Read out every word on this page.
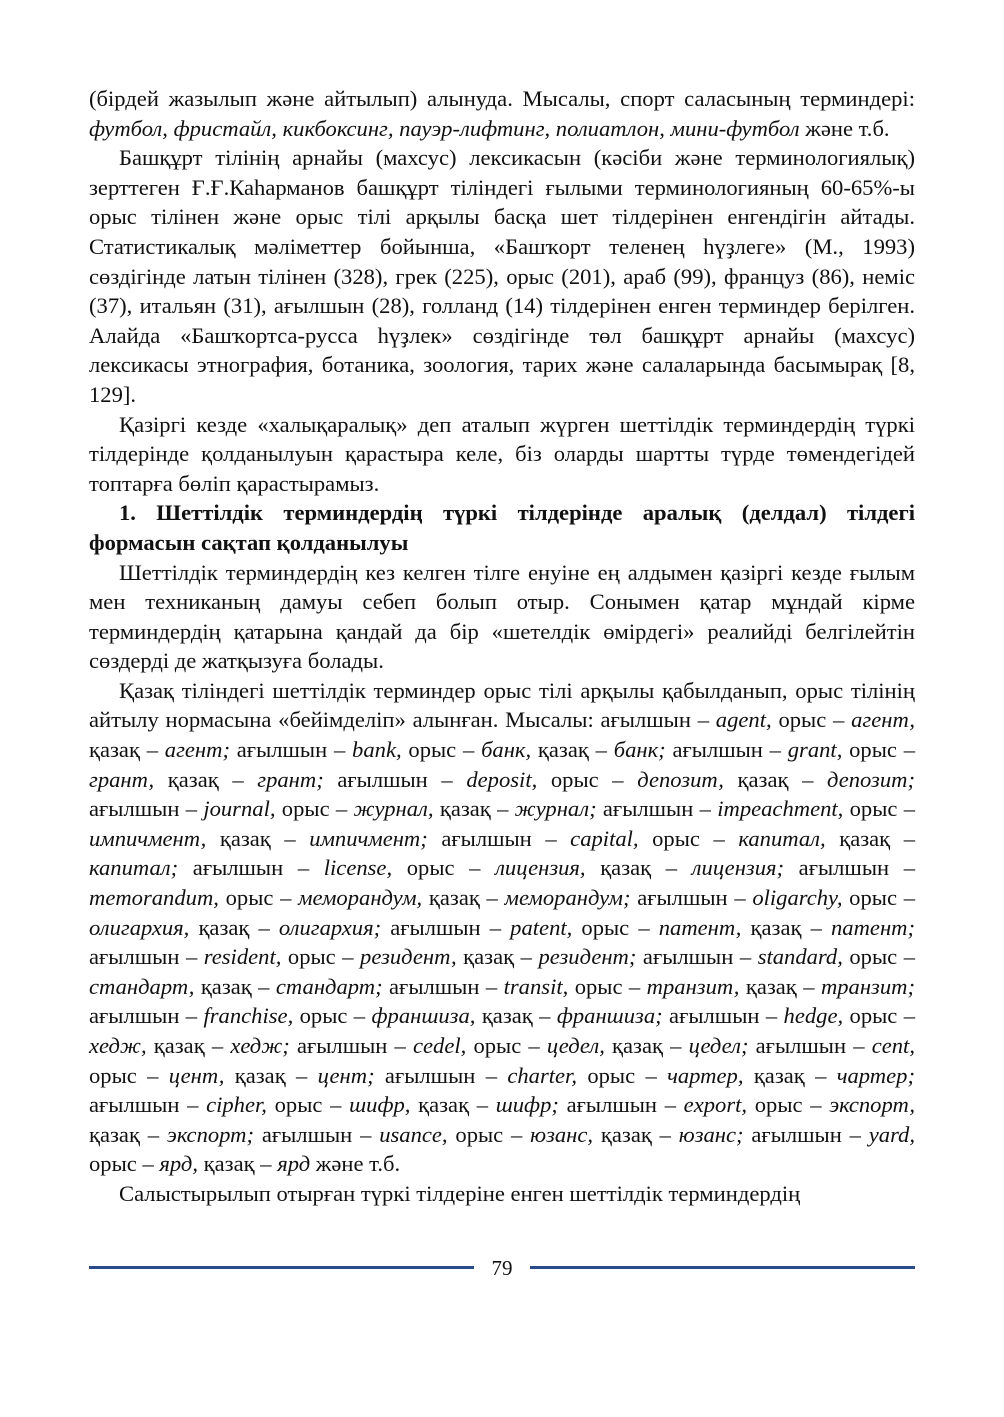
(бірдей жазылып және айтылып) алынуда. Мысалы, спорт саласының терминдері: футбол, фристайл, кикбоксинг, пауэр-лифтинг, полиатлон, мини-футбол және т.б.

Башқұрт тілінің арнайы (махсус) лексикасын (кәсіби және терминологиялық) зерттеген Ғ.Ғ.Каһарманов башқұрт тіліндегі ғылыми терминологияның 60-65%-ы орыс тілінен және орыс тілі арқылы басқа шет тілдерінен енгендігін айтады. Статистикалық мәліметтер бойынша, «Башҡорт теленең һүҙлеге» (М., 1993) сөздігінде латын тілінен (328), грек (225), орыс (201), араб (99), француз (86), неміс (37), итальян (31), ағылшын (28), голланд (14) тілдерінен енген терминдер берілген. Алайда «Башҡортса-русса һүҙлек» сөздігінде төл башқұрт арнайы (махсус) лексикасы этнография, ботаника, зоология, тарих және салаларында басымырақ [8, 129].

Қазіргі кезде «халықаралық» деп аталып жүрген шеттілдік терминдердің түркі тілдерінде қолданылуын қарастыра келе, біз оларды шартты түрде төмендегідей топтарға бөліп қарастырамыз.

1. Шеттілдік терминдердің түркі тілдерінде аралық (делдал) тілдегі формасын сақтап қолданылуы

Шеттілдік терминдердің кез келген тілге енуіне ең алдымен қазіргі кезде ғылым мен техниканың дамуы себеп болып отыр. Сонымен қатар мұндай кірме терминдердің қатарына қандай да бір «шетелдік өмірдегі» реалийді белгілейтін сөздерді де жатқызуға болады.

Қазақ тіліндегі шеттілдік терминдер орыс тілі арқылы қабылданып, орыс тілінің айтылу нормасына «бейімделіп» алынған. Мысалы: ағылшын – agent, орыс – агент, қазақ – агент; ағылшын – bank, орыс – банк, қазақ – банк; ағылшын – grant, орыс – грант, қазақ – грант; ағылшын – deposit, орыс – депозит, қазақ – депозит; ағылшын – journal, орыс – журнал, қазақ – журнал; ағылшын – impeachment, орыс – импичмент, қазақ – импичмент; ағылшын – capital, орыс – капитал, қазақ – капитал; ағылшын – license, орыс – лицензия, қазақ – лицензия; ағылшын – memorandum, орыс – меморандум, қазақ – меморандум; ағылшын – oligarchy, орыс – олигархия, қазақ – олигархия; ағылшын – patent, орыс – патент, қазақ – патент; ағылшын – resident, орыс – резидент, қазақ – резидент; ағылшын – standard, орыс – стандарт, қазақ – стандарт; ағылшын – transit, орыс – транзит, қазақ – транзит; ағылшын – franchise, орыс – франшиза, қазақ – франшиза; ағылшын – hedge, орыс – хедж, қазақ – хедж; ағылшын – cedel, орыс – цедел, қазақ – цедел; ағылшын – cent, орыс – цент, қазақ – цент; ағылшын – charter, орыс – чартер, қазақ – чартер; ағылшын – cipher, орыс – шифр, қазақ – шифр; ағылшын – export, орыс – экспорт, қазақ – экспорт; ағылшын – usance, орыс – юзанс, қазақ – юзанс; ағылшын – yard, орыс – ярд, қазақ – ярд және т.б.

Салыстырылып отырған түркі тілдеріне енген шеттілдік терминдердің

79
